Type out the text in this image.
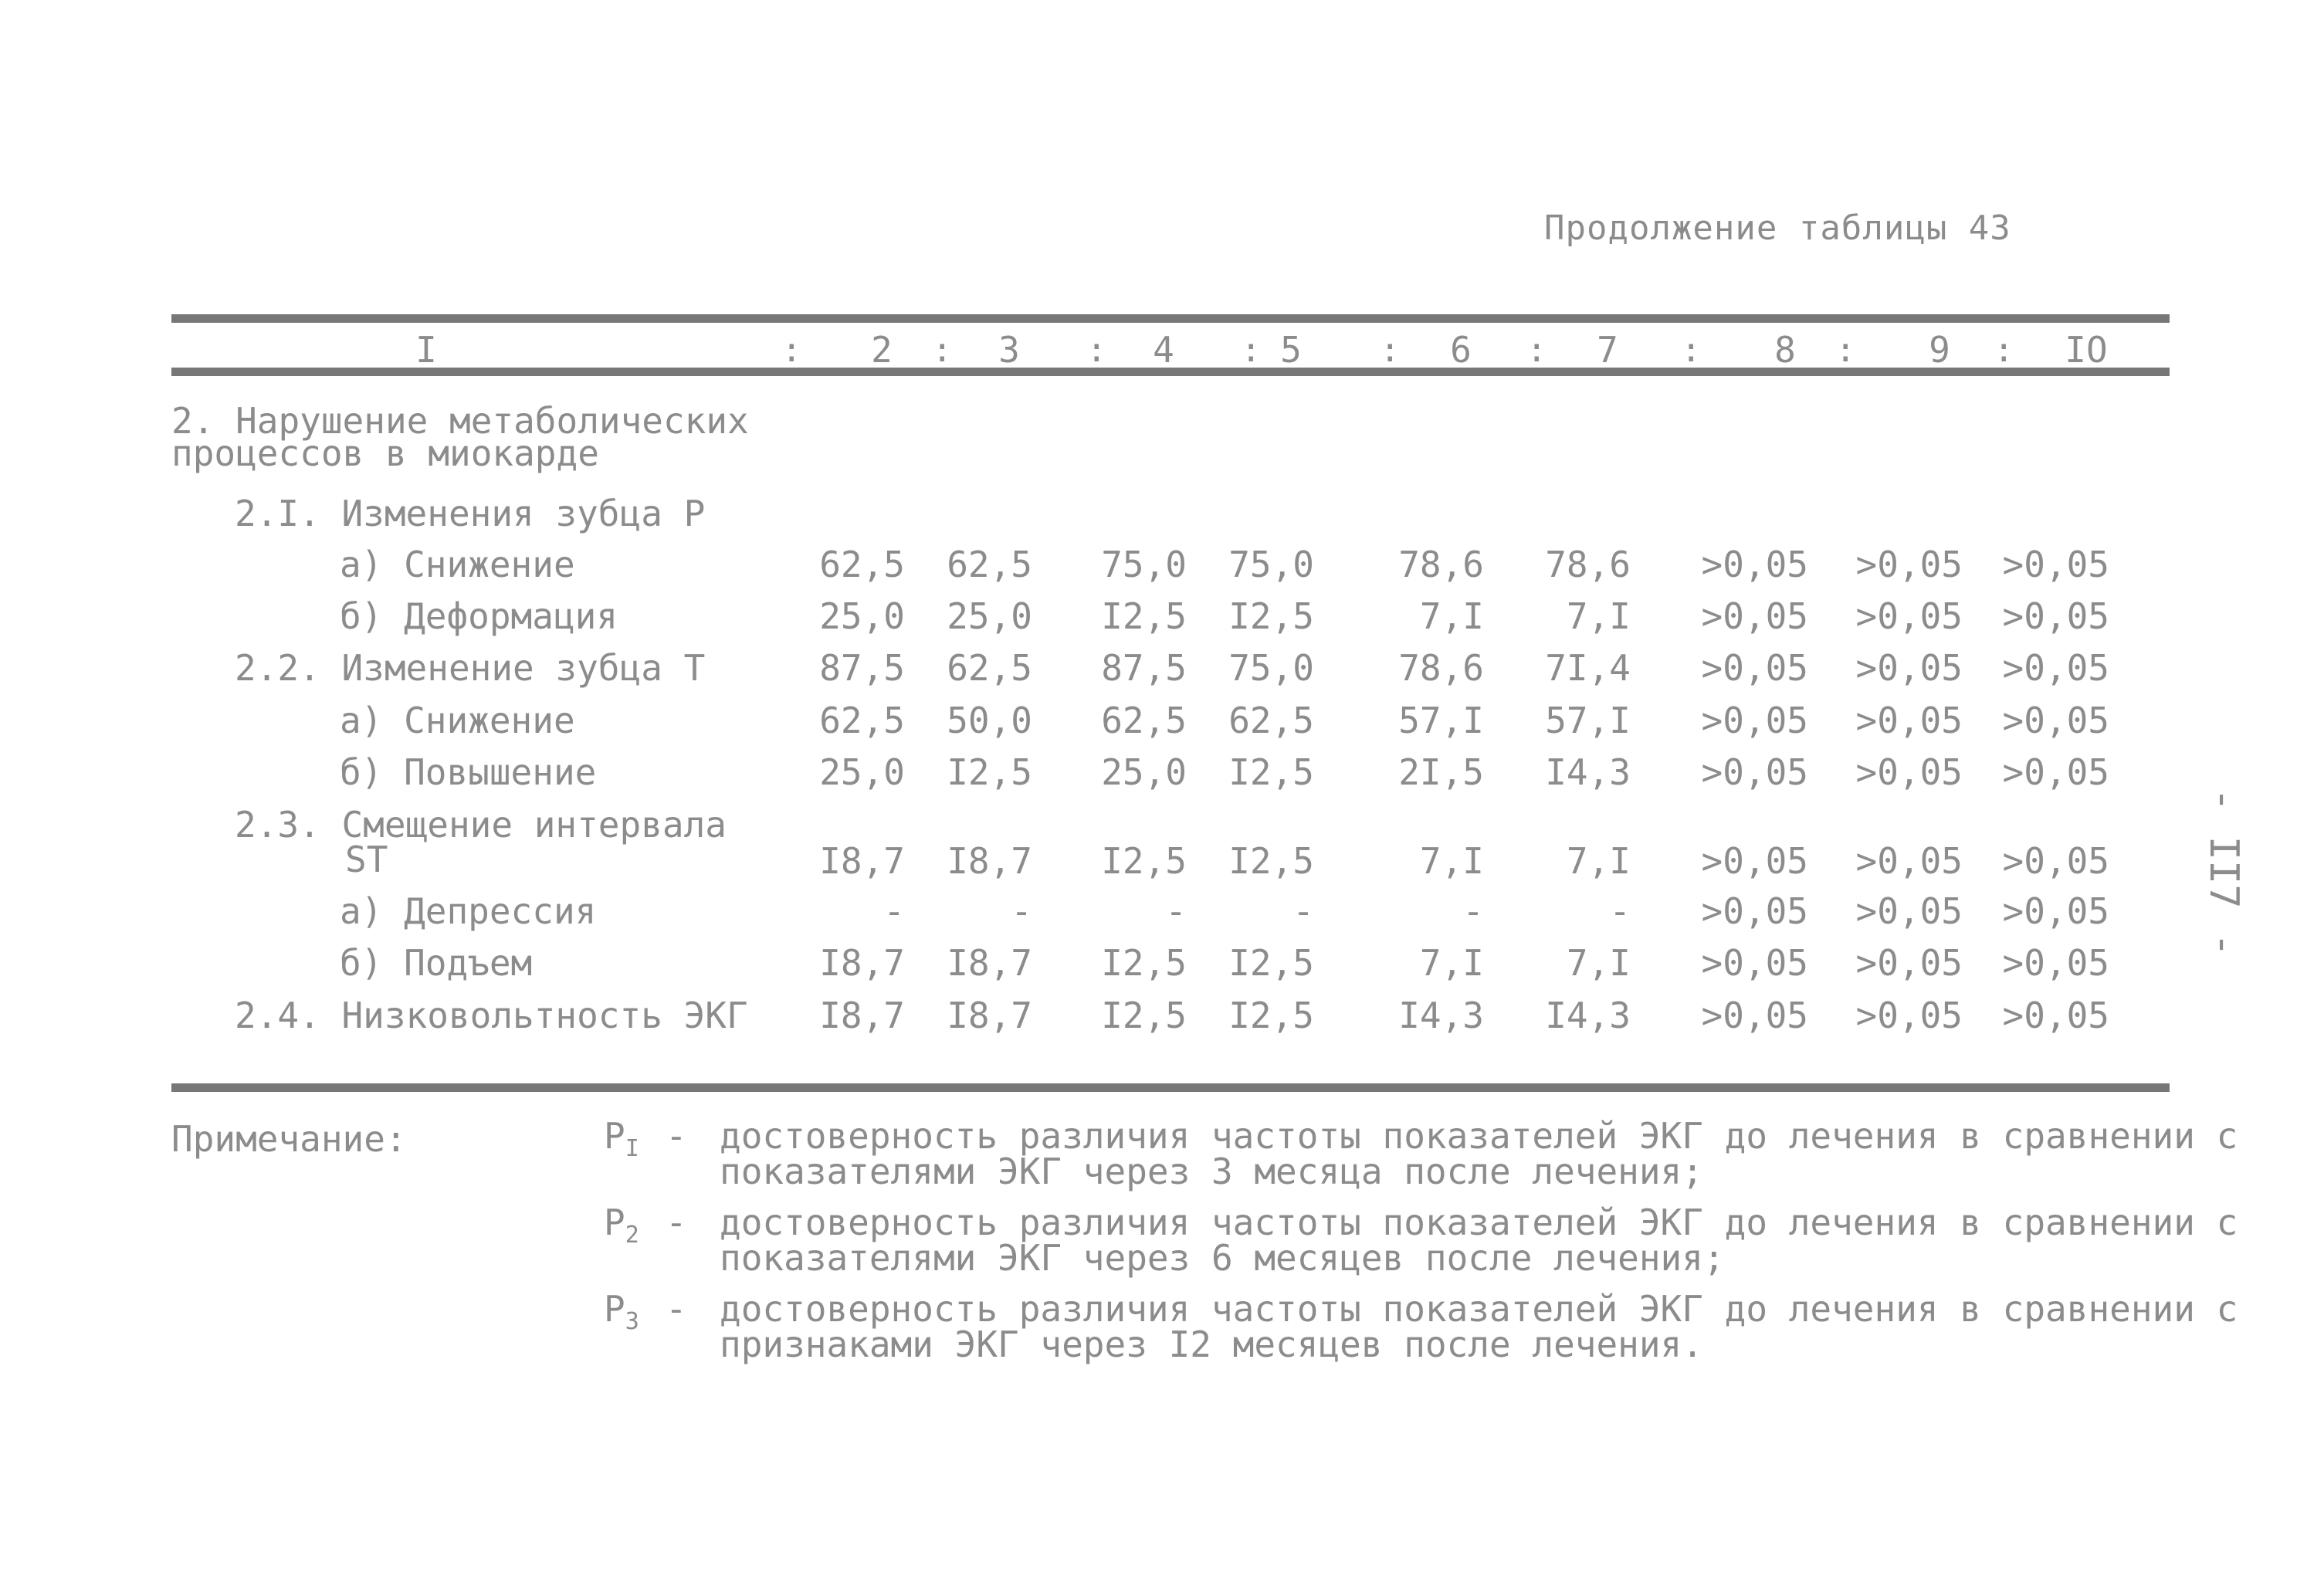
Продолжение таблицы 43
I	2	3	4	5	6	7	8	9	IO
:	:	:	:	:	:	:	:	:
2. Нарушение метаболических
процессов в миокарде
2.I. Изменения зубца P
a) Снижение	62,5 62,5 75,0 75,0 78,6 78,6 >0,05 >0,05 >0,05
б) Деформация	25,0 25,0 I2,5 I2,5	7,I 7,I >0,05 >0,05 >0,05
2.2. Изменение зубца T	87,5 62,5 87,5 75,0 78,6 7I,4 >0,05 >0,05 >0,05
a) Снижение	62,5 50,0 62,5 62,5 57,I 57,I >0,05 >0,05 >0,05
б) Повышение	25,0 I2,5 25,0 I2,5 2I,5 I4,3 >0,05 >0,05 >0,05
2.3. Смещение интервала
ST	I8,7 I8,7 I2,5 I2,5	7,I 7,I >0,05 >0,05 >0,05
a) Депрессия	-	-	-	-	-	- >0,05 >0,05 >0,05
б) Подъем	I8,7 I8,7 I2,5 I2,5	7,I 7,I >0,05 >0,05 >0,05
2.4. Низковольтность ЭКГ I8,7 I8,7 I2,5 I2,5 I4,3 I4,3 >0,05 >0,05 >0,05
Примечание:	$P_I$ - достоверность различия частоты показателей ЭКГ до лечения в сравнении с
показателями ЭКГ через 3 месяца после лечения;
$P_2$ - достоверность различия частоты показателей ЭКГ до лечения в сравнении с
показателями ЭКГ через 6 месяцев после лечения;
$P_3$ - достоверность различия частоты показателей ЭКГ до лечения в сравнении с
признаками ЭКГ через I2 месяцев после лечения.
- II7 -
